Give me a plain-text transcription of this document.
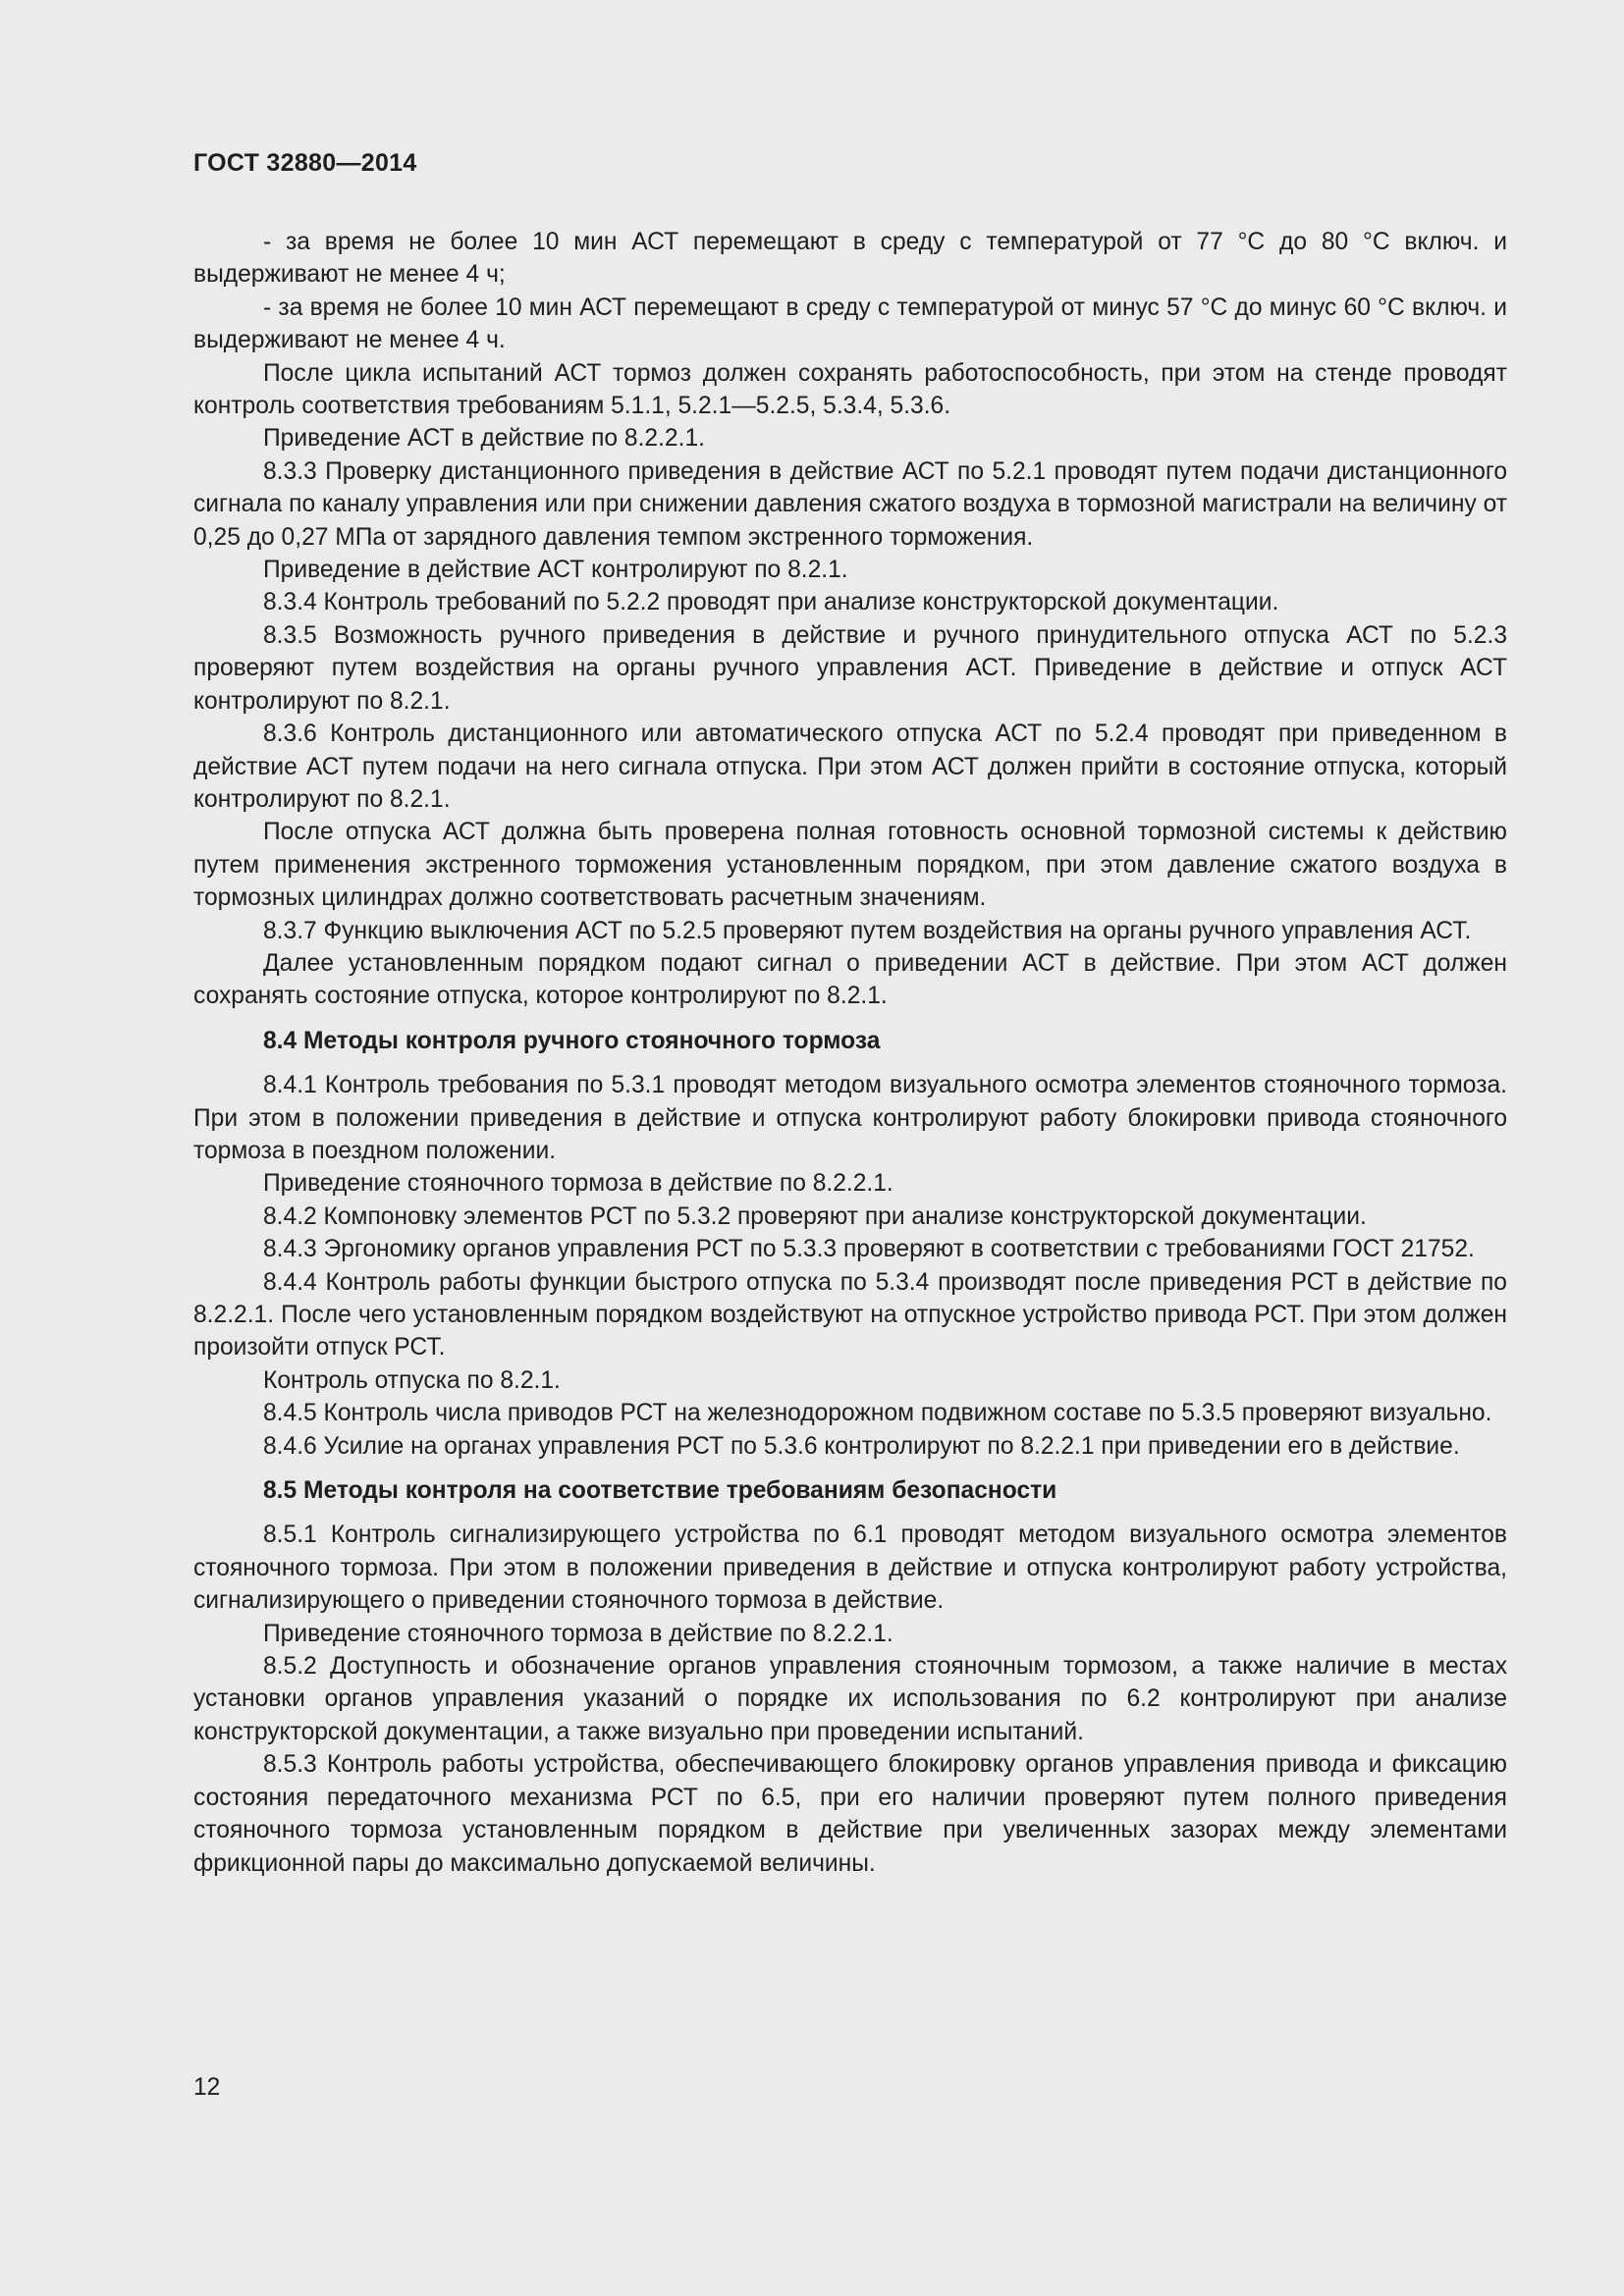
ГОСТ 32880—2014

- за время не более 10 мин АСТ перемещают в среду с температурой от 77 °С до 80 °С включ. и выдерживают не менее 4 ч;

- за время не более 10 мин АСТ перемещают в среду с температурой от минус 57 °С до минус 60 °С включ. и выдерживают не менее 4 ч.

После цикла испытаний АСТ тормоз должен сохранять работоспособность, при этом на стенде проводят контроль соответствия требованиям 5.1.1, 5.2.1—5.2.5, 5.3.4, 5.3.6.

Приведение АСТ в действие по 8.2.2.1.

8.3.3 Проверку дистанционного приведения в действие АСТ по 5.2.1 проводят путем подачи дистанционного сигнала по каналу управления или при снижении давления сжатого воздуха в тормозной магистрали на величину от 0,25 до 0,27 МПа от зарядного давления темпом экстренного торможения.

Приведение в действие АСТ контролируют по 8.2.1.

8.3.4 Контроль требований по 5.2.2 проводят при анализе конструкторской документации.

8.3.5 Возможность ручного приведения в действие и ручного принудительного отпуска АСТ по 5.2.3 проверяют путем воздействия на органы ручного управления АСТ. Приведение в действие и отпуск АСТ контролируют по 8.2.1.

8.3.6 Контроль дистанционного или автоматического отпуска АСТ по 5.2.4 проводят при приведенном в действие АСТ путем подачи на него сигнала отпуска. При этом АСТ должен прийти в состояние отпуска, который контролируют по 8.2.1.

После отпуска АСТ должна быть проверена полная готовность основной тормозной системы к действию путем применения экстренного торможения установленным порядком, при этом давление сжатого воздуха в тормозных цилиндрах должно соответствовать расчетным значениям.

8.3.7 Функцию выключения АСТ по 5.2.5 проверяют путем воздействия на органы ручного управления АСТ.

Далее установленным порядком подают сигнал о приведении АСТ в действие. При этом АСТ должен сохранять состояние отпуска, которое контролируют по 8.2.1.

8.4 Методы контроля ручного стояночного тормоза

8.4.1 Контроль требования по 5.3.1 проводят методом визуального осмотра элементов стояночного тормоза. При этом в положении приведения в действие и отпуска контролируют работу блокировки привода стояночного тормоза в поездном положении.

Приведение стояночного тормоза в действие по 8.2.2.1.

8.4.2 Компоновку элементов РСТ по 5.3.2 проверяют при анализе конструкторской документации.

8.4.3 Эргономику органов управления РСТ по 5.3.3 проверяют в соответствии с требованиями ГОСТ 21752.

8.4.4 Контроль работы функции быстрого отпуска по 5.3.4 производят после приведения РСТ в действие по 8.2.2.1. После чего установленным порядком воздействуют на отпускное устройство привода РСТ. При этом должен произойти отпуск РСТ.

Контроль отпуска по 8.2.1.

8.4.5 Контроль числа приводов РСТ на железнодорожном подвижном составе по 5.3.5 проверяют визуально.

8.4.6 Усилие на органах управления РСТ по 5.3.6 контролируют по 8.2.2.1 при приведении его в действие.

8.5 Методы контроля на соответствие требованиям безопасности

8.5.1 Контроль сигнализирующего устройства по 6.1 проводят методом визуального осмотра элементов стояночного тормоза. При этом в положении приведения в действие и отпуска контролируют работу устройства, сигнализирующего о приведении стояночного тормоза в действие.

Приведение стояночного тормоза в действие по 8.2.2.1.

8.5.2 Доступность и обозначение органов управления стояночным тормозом, а также наличие в местах установки органов управления указаний о порядке их использования по 6.2 контролируют при анализе конструкторской документации, а также визуально при проведении испытаний.

8.5.3 Контроль работы устройства, обеспечивающего блокировку органов управления привода и фиксацию состояния передаточного механизма РСТ по 6.5, при его наличии проверяют путем полного приведения стояночного тормоза установленным порядком в действие при увеличенных зазорах между элементами фрикционной пары до максимально допускаемой величины.

12
